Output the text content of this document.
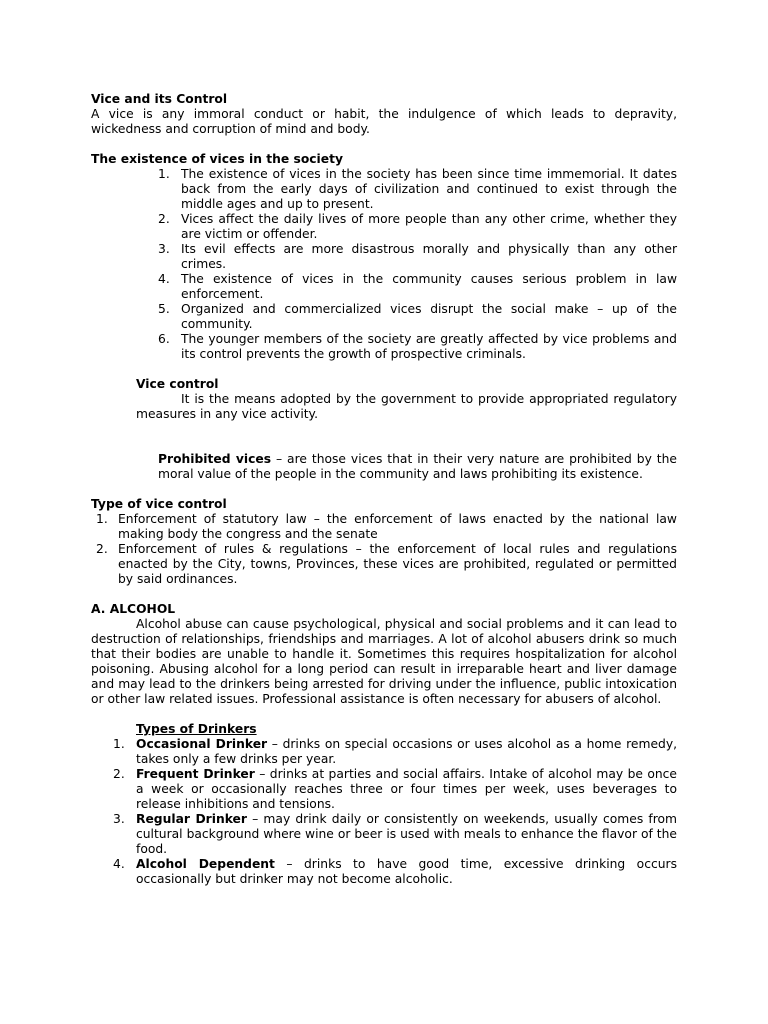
Vice and its Control

A vice is any immoral conduct or habit, the indulgence of which leads to depravity, wickedness and corruption of mind and body.

The existence of vices in the society

1. The existence of vices in the society has been since time immemorial. It dates back from the early days of civilization and continued to exist through the middle ages and up to present.
2. Vices affect the daily lives of more people than any other crime, whether they are victim or offender.
3. Its evil effects are more disastrous morally and physically than any other crimes.
4. The existence of vices in the community causes serious problem in law enforcement.
5. Organized and commercialized vices disrupt the social make – up of the community.
6. The younger members of the society are greatly affected by vice problems and its control prevents the growth of prospective criminals.

Vice control

It is the means adopted by the government to provide appropriated regulatory measures in any vice activity.

Prohibited vices – are those vices that in their very nature are prohibited by the moral value of the people in the community and laws prohibiting its existence.

Type of vice control

1. Enforcement of statutory law – the enforcement of laws enacted by the national law making body the congress and the senate
2. Enforcement of rules & regulations – the enforcement of local rules and regulations enacted by the City, towns, Provinces, these vices are prohibited, regulated or permitted by said ordinances.

A. ALCOHOL

Alcohol abuse can cause psychological, physical and social problems and it can lead to destruction of relationships, friendships and marriages. A lot of alcohol abusers drink so much that their bodies are unable to handle it. Sometimes this requires hospitalization for alcohol poisoning. Abusing alcohol for a long period can result in irreparable heart and liver damage and may lead to the drinkers being arrested for driving under the influence, public intoxication or other law related issues. Professional assistance is often necessary for abusers of alcohol.

Types of Drinkers

1. Occasional Drinker – drinks on special occasions or uses alcohol as a home remedy, takes only a few drinks per year.
2. Frequent Drinker – drinks at parties and social affairs. Intake of alcohol may be once a week or occasionally reaches three or four times per week, uses beverages to release inhibitions and tensions.
3. Regular Drinker – may drink daily or consistently on weekends, usually comes from cultural background where wine or beer is used with meals to enhance the flavor of the food.
4. Alcohol Dependent – drinks to have good time, excessive drinking occurs occasionally but drinker may not become alcoholic.
